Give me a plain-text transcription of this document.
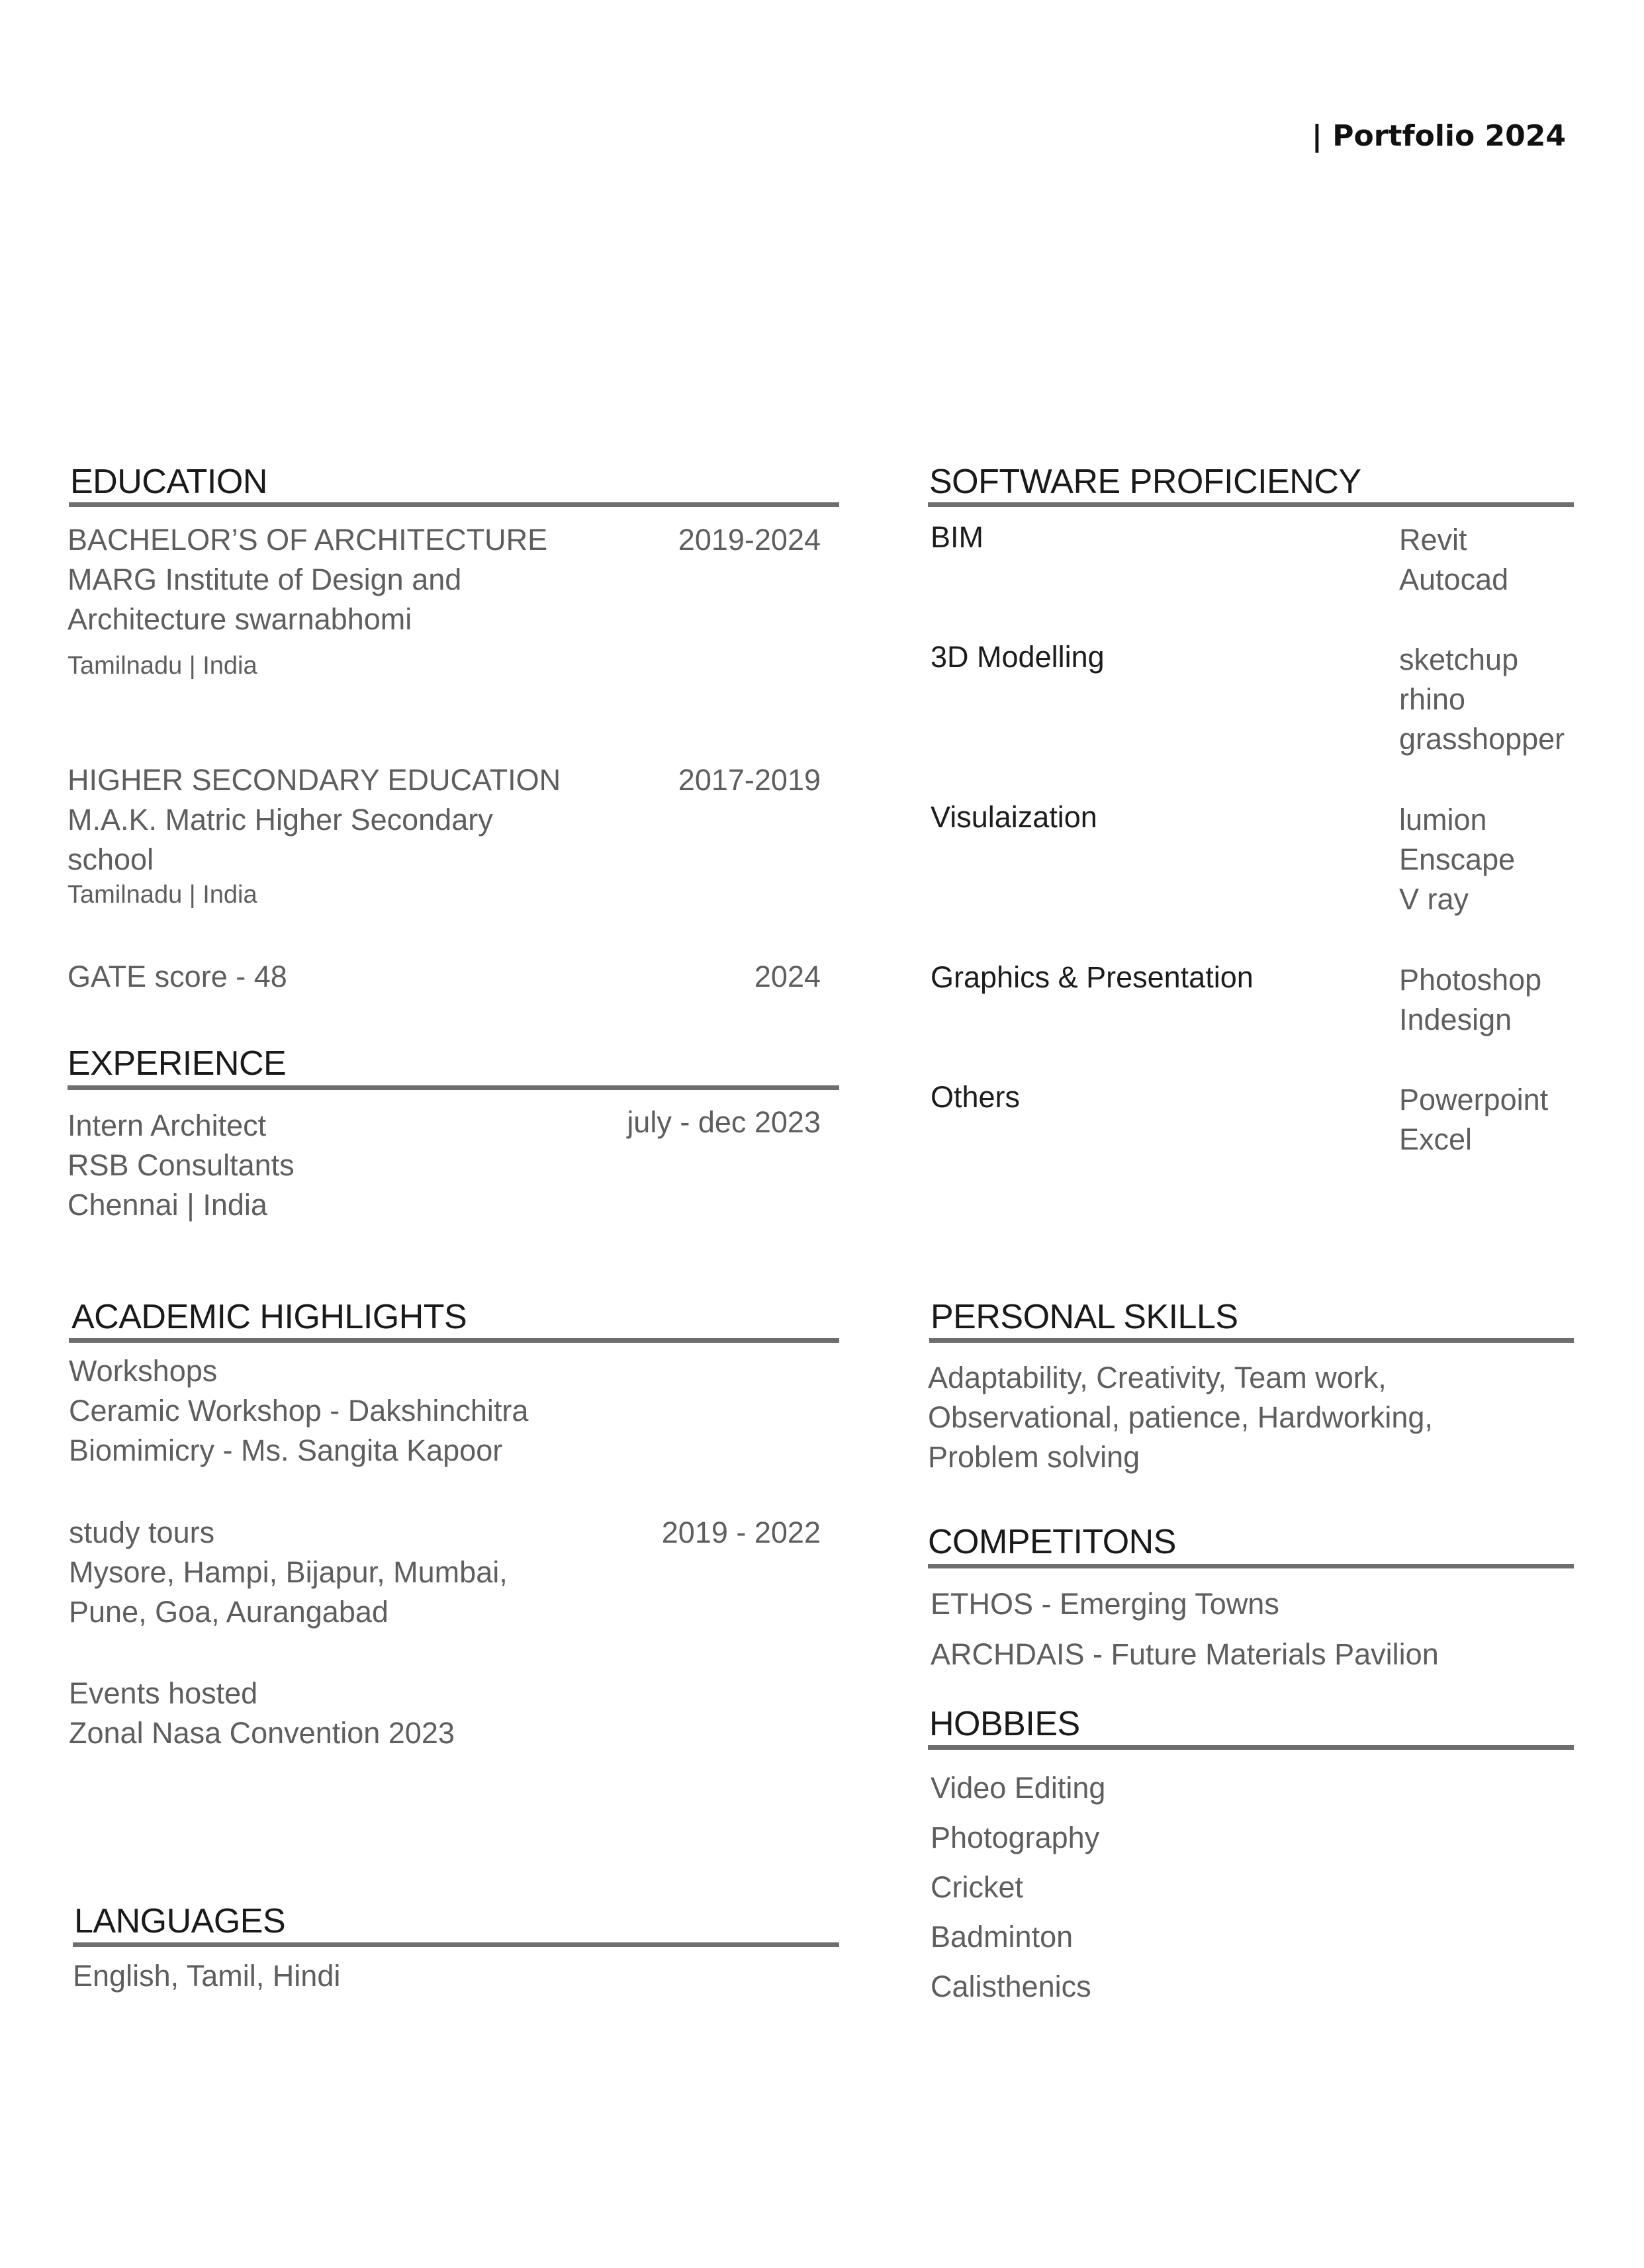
| Portfolio 2024
EDUCATION
BACHELOR’S OF ARCHITECTURE	2019-2024
MARG Institute of Design and
Architecture swarnabhomi
Tamilnadu | India
HIGHER SECONDARY EDUCATION	2017-2019
M.A.K. Matric Higher Secondary
school
Tamilnadu | India
GATE score - 48	2024
EXPERIENCE
Intern Architect	july - dec 2023
RSB Consultants
Chennai | India
ACADEMIC HIGHLIGHTS
Workshops
Ceramic Workshop - Dakshinchitra
Biomimicry - Ms. Sangita Kapoor
study tours	2019 - 2022
Mysore, Hampi, Bijapur, Mumbai,
Pune, Goa, Aurangabad
Events hosted
Zonal Nasa Convention 2023
LANGUAGES
English, Tamil, Hindi
SOFTWARE PROFICIENCY
BIM	Revit
Autocad
3D Modelling	sketchup
rhino
grasshopper
Visulaization	lumion
Enscape
V ray
Graphics & Presentation	Photoshop
Indesign
Others	Powerpoint
Excel
PERSONAL SKILLS
Adaptability, Creativity, Team work,
Observational, patience, Hardworking,
Problem solving
COMPETITONS
ETHOS - Emerging Towns
ARCHDAIS - Future Materials Pavilion
HOBBIES
Video Editing
Photography
Cricket
Badminton
Calisthenics
